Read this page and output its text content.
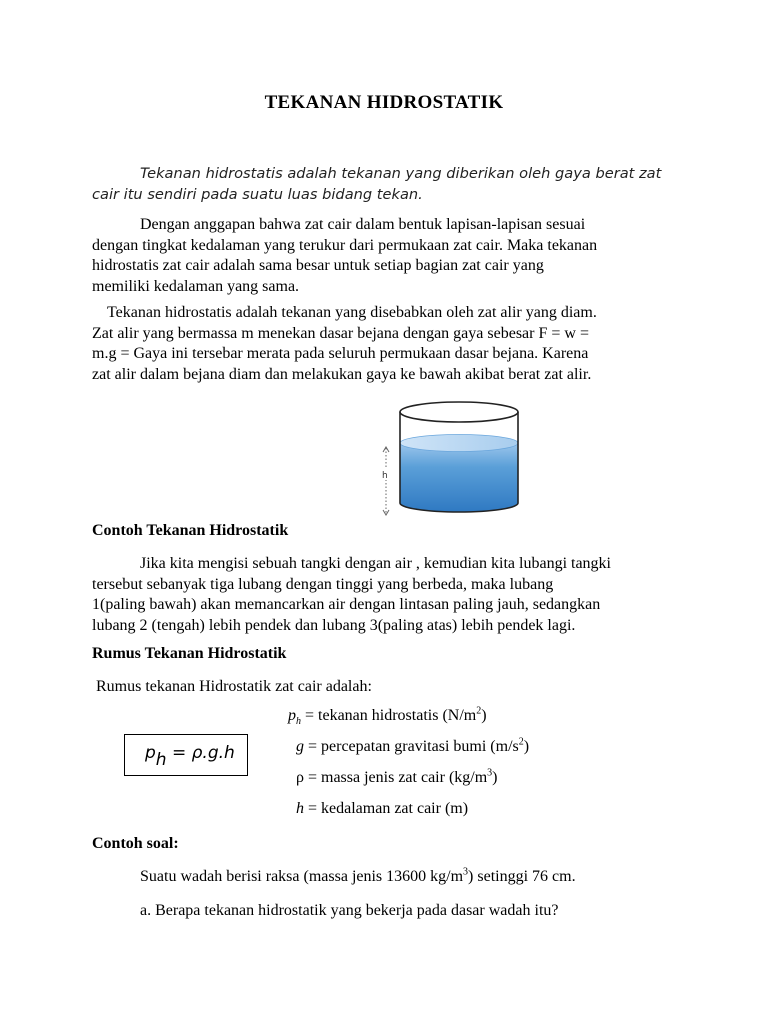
TEKANAN HIDROSTATIK
Tekanan hidrostatis adalah tekanan yang diberikan oleh gaya berat zat
cair itu sendiri pada suatu luas bidang tekan.
Dengan anggapan bahwa zat cair dalam bentuk lapisan-lapisan sesuai
dengan tingkat kedalaman yang terukur dari permukaan zat cair. Maka tekanan
hidrostatis zat cair adalah sama besar untuk setiap bagian zat cair yang
memiliki kedalaman yang sama.
Tekanan hidrostatis adalah tekanan yang disebabkan oleh zat alir yang diam.
Zat alir yang bermassa m menekan dasar bejana dengan gaya sebesar F = w =
m.g = Gaya ini tersebar merata pada seluruh permukaan dasar bejana. Karena
zat alir dalam bejana diam dan melakukan gaya ke bawah akibat berat zat alir.
h
Contoh Tekanan Hidrostatik
Jika kita mengisi sebuah tangki dengan air , kemudian kita lubangi tangki
tersebut sebanyak tiga lubang dengan tinggi yang berbeda, maka lubang
1(paling bawah) akan memancarkan air dengan lintasan paling jauh, sedangkan
lubang 2 (tengah) lebih pendek dan lubang 3(paling atas) lebih pendek lagi.
Rumus Tekanan Hidrostatik
Rumus tekanan Hidrostatik zat cair adalah:
ph = ρ.g.h
$p_h$ = tekanan hidrostatis $(N/m^2)$
g = percepatan gravitasi bumi $(m/s^2)$
ρ = massa jenis zat cair $(kg/m^3)$
h = kedalaman zat cair (m)
Contoh soal:
Suatu wadah berisi raksa (massa jenis 13600 $kg/m^3$) setinggi 76 cm.
a. Berapa tekanan hidrostatik yang bekerja pada dasar wadah itu?
